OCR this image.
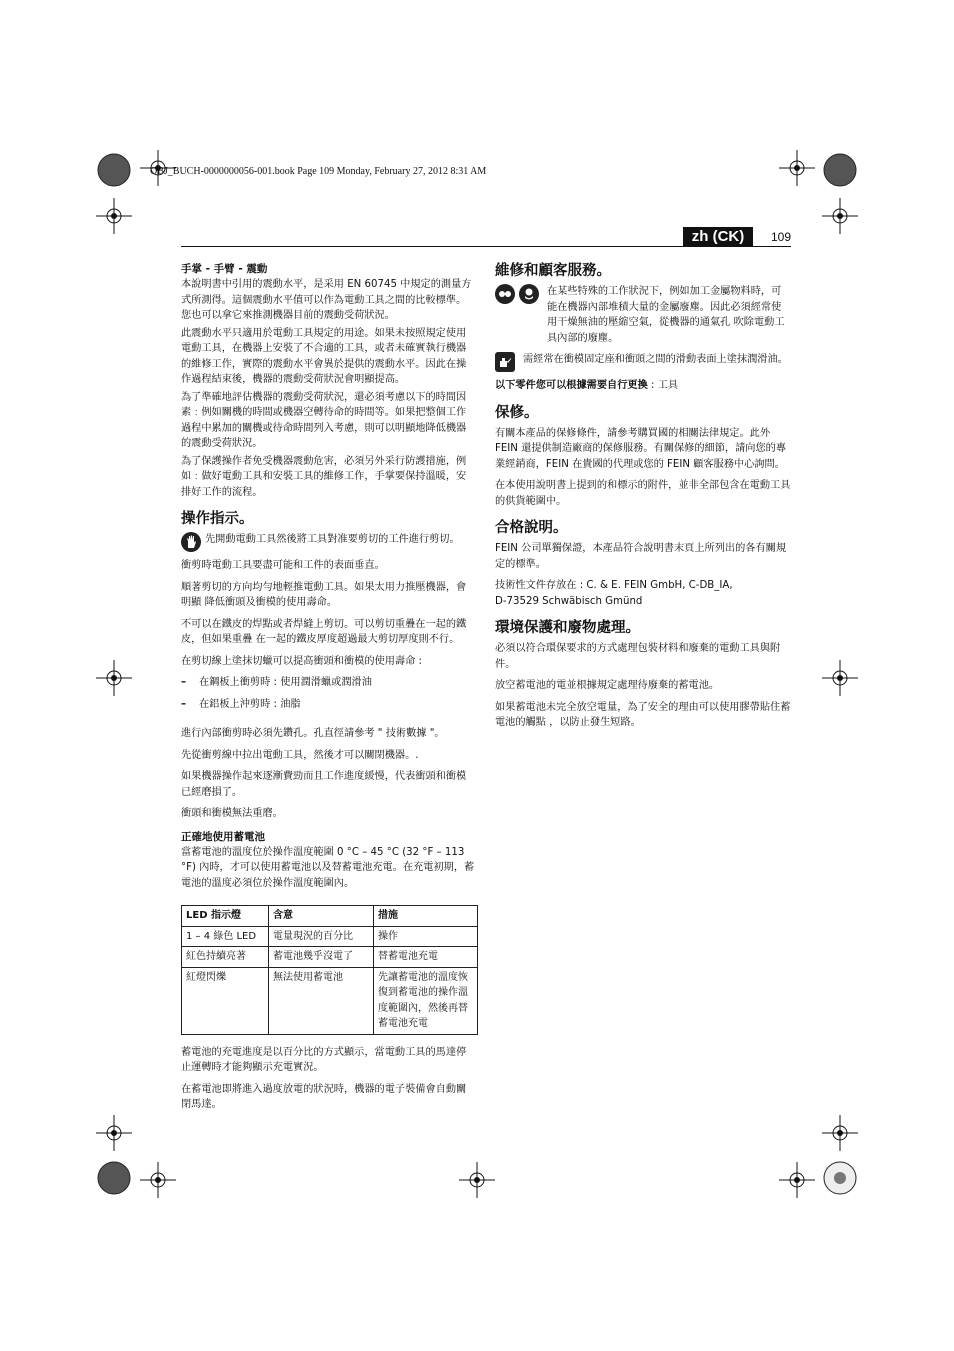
OBJ_BUCH-0000000056-001.book Page 109 Monday, February 27, 2012 8:31 AM
zh (CK)	109
手掌 - 手臂 - 震動

本說明書中引用的震動水平，是采用 EN 60745 中規定的測量方式所測得。這個震動水平值可以作為電動工具之間的比較標準。您也可以拿它來推測機器目前的震動受荷狀況。

此震動水平只適用於電動工具規定的用途。如果未按照規定使用電動工具，在機器上安裝了不合適的工具，或者未確實執行機器的維修工作，實際的震動水平會異於提供的震動水平。因此在操作過程結束後，機器的震動受荷狀況會明顯提高。

為了準確地評估機器的震動受荷狀況，還必須考慮以下的時間因素﹕例如關機的時間或機器空轉待命的時間等。如果把整個工作過程中累加的關機或待命時間列入考慮，則可以明顯地降低機器的震動受荷狀況。

為了保護操作者免受機器震動危害，必須另外采行防護措施，例如﹕做好電動工具和安裝工具的維修工作，手掌要保持溫暖，安排好工作的流程。

操作指示。

先開動電動工具然後將工具對准要剪切的工件進行剪切。

衝剪時電動工具要盡可能和工件的表面垂直。

順著剪切的方向均勻地輕推電動工具。如果太用力推壓機器，會明顯 降低衝頭及衝模的使用壽命。

不可以在鐵皮的焊點或者焊縫上剪切。可以剪切重疊在一起的鐵皮，但如果重疊 在一起的鐵皮厚度超過最大剪切厚度則不行。

在剪切線上塗抹切蠟可以提高衝頭和衝模的使用壽命 :

– 在鋼板上衝剪時 : 使用潤滑蠟或潤滑油
– 在鋁板上沖剪時 : 油脂

進行內部衝剪時必須先鑽孔。孔直徑請參考 " 技術數據 "。

先從衝剪線中拉出電動工具，然後才可以關閉機器。.

如果機器操作起來逐漸費勁而且工作進度緩慢，代表衝頭和衝模已經磨損了。

衝頭和衝模無法重磨。

正確地使用蓄電池

當蓄電池的溫度位於操作溫度範圍 0 °C – 45 °C (32 °F – 113 °F) 內時，才可以使用蓄電池以及替蓄電池充電。在充電初期，蓄電池的溫度必須位於操作溫度範圍內。

LED 指示燈	含意	措施
1 – 4 綠色 LED	電量現況的百分比	操作
紅色持續亮著	蓄電池幾乎沒電了	替蓄電池充電
紅燈閃爍	無法使用蓄電池	先讓蓄電池的溫度恢復到蓄電池的操作溫度範圍內，然後再替蓄電池充電

蓄電池的充電進度是以百分比的方式顯示，當電動工具的馬達停止運轉時才能夠顯示充電實況。

在蓄電池即將進入過度放電的狀況時，機器的電子裝備會自動關閉馬達。

維修和顧客服務。

在某些特殊的工作狀況下，例如加工金屬物料時，可能在機器內部堆積大量的金屬廢塵。因此必須經常使用干燥無油的壓縮空氣，從機器的通氣孔 吹除電動工具內部的廢塵。

需經常在衝模固定座和衝頭之間的滑動表面上塗抹潤滑油。

以下零件您可以根據需要自行更換 : 工具

保修。

有關本產品的保修條件，請參考購買國的相關法律規定。此外 FEIN 還提供制造廠商的保修服務。有關保修的細節，請向您的專業經銷商，FEIN 在貴國的代理或您的 FEIN 顧客服務中心詢問。

在本使用說明書上提到的和標示的附件，並非全部包含在電動工具的供貨範圍中。

合格說明。

FEIN 公司單獨保證，本產品符合說明書末頁上所列出的各有關規定的標準。

技術性文件存放在 : C. & E. FEIN GmbH, C-DB_IA,

D-73529 Schwäbisch Gmünd

環境保護和廢物處理。

必須以符合環保要求的方式處理包裝材料和廢棄的電動工具與附件。

放空蓄電池的電並根據規定處理待廢棄的蓄電池。

如果蓄電池未完全放空電量，為了安全的理由可以使用膠帶貼住蓄電池的觸點 ，以防止發生短路。
